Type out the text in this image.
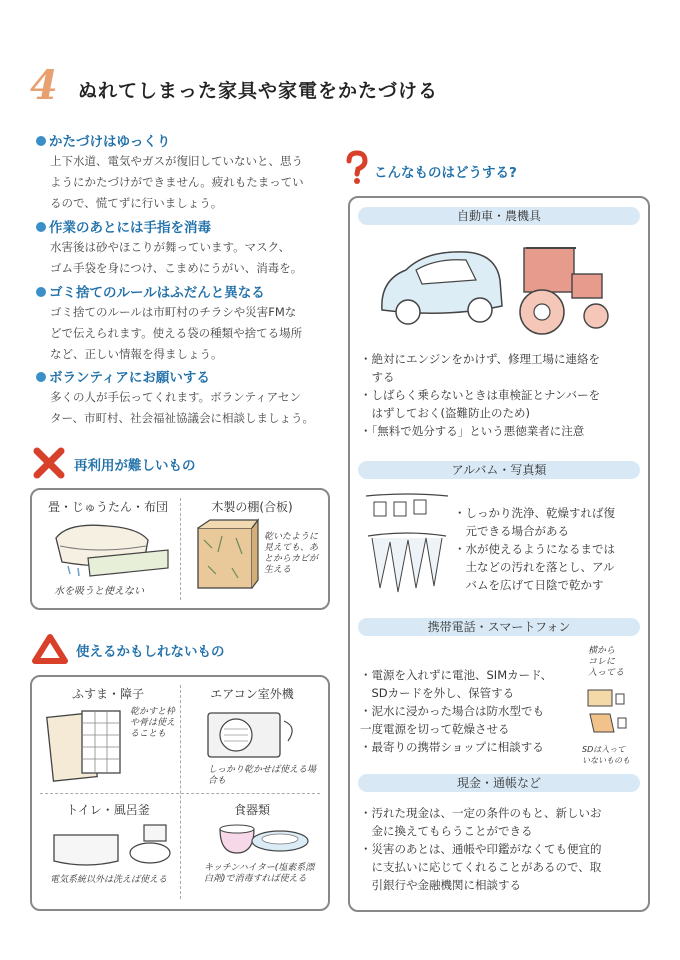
4 ぬれてしまった家具や家電をかたづける
かたづけはゆっくり
上下水道、電気やガスが復旧していないと、思う
ようにかたづけができません。疲れもたまってい
るので、慌てずに行いましょう。
作業のあとには手指を消毒
水害後は砂やほこりが舞っています。マスク、
ゴム手袋を身につけ、こまめにうがい、消毒を。
ゴミ捨てのルールはふだんと異なる
ゴミ捨てのルールは市町村のチラシや災害FMな
どで伝えられます。使える袋の種類や捨てる場所
など、正しい情報を得ましょう。
ボランティアにお願いする
多くの人が手伝ってくれます。ボランティアセン
ター、市町村、社会福祉協議会に相談しましょう。
再利用が難しいもの
畳・じゅうたん・布団
水を吸うと使えない
木製の棚(合板)
乾いたように見えても、あとからカビが生える
使えるかもしれないもの
ふすま・障子
乾かすと枠や骨は使えることも
エアコン室外機
しっかり乾かせば使える場合も
トイレ・風呂釜
電気系統以外は洗えば使える
食器類
キッチンハイター(塩素系漂白剤)で消毒すれば使える
こんなものはどうする?
自動車・農機具
・絶対にエンジンをかけず、修理工場に連絡を
　する
・しばらく乗らないときは車検証とナンバーを
　はずしておく(盗難防止のため)
・「無料で処分する」という悪徳業者に注意
アルバム・写真類
・しっかり洗浄、乾燥すれば復
　元できる場合がある
・水が使えるようになるまでは
　土などの汚れを落とし、アル
　バムを広げて日陰で乾かす
携帯電話・スマートフォン
・電源を入れずに電池、SIMカード、
　SDカードを外し、保管する
・泥水に浸かった場合は防水型でも
一度電源を切って乾燥させる
・最寄りの携帯ショップに相談する
横から
コレに
入ってる
SDは入って
いないものも
現金・通帳など
・汚れた現金は、一定の条件のもと、新しいお
　金に換えてもらうことができる
・災害のあとは、通帳や印鑑がなくても便宜的
　に支払いに応じてくれることがあるので、取
　引銀行や金融機関に相談する
